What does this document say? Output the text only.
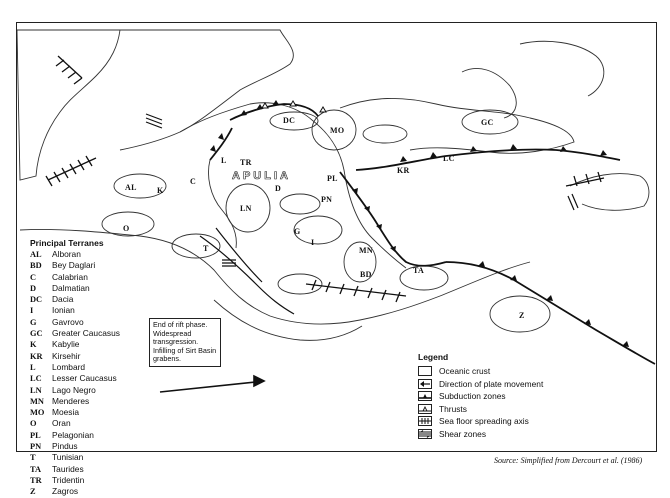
AL	K
C
L TR
D
DC
MO
PL
PN
LN
G
I
MN
BD
KR
LC
GC
TA
T
O
Z
APULIA
Principal Terranes
AL	Alboran
BD	Bey Daglari
C	Calabrian
D	Dalmatian
DC	Dacia
I	Ionian
G	Gavrovo
GC	Greater Caucasus
K	Kabylie
KR	Kirsehir
L	Lombard
LC	Lesser Caucasus
LN	Lago Negro
MN Menderes
MO Moesia
O	Oran
PL	Pelagonian
PN	Pindus
T	Tunisian
TA	Taurides
TR	Tridentin
Z	Zagros
End of rift phase. Widespread transgression. Infilling of Sirt Basin grabens.	Legend
Oceanic crust
Direction of plate movement
Subduction zones
Thrusts
Sea floor spreading axis
Shear zones
Source: Simplified from Dercourt et al. (1986)
